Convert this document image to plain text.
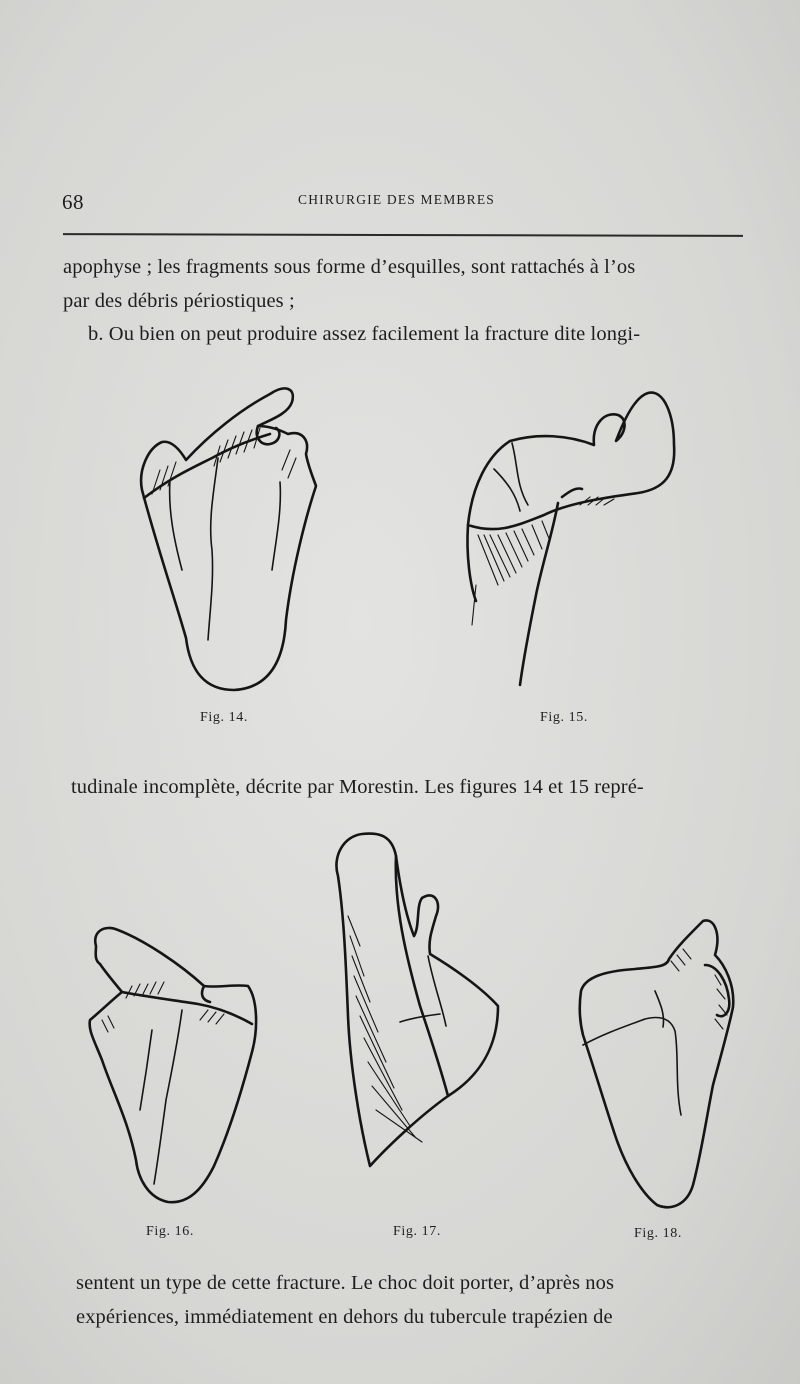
68	CHIRURGIE DES MEMBRES
apophyse ; les fragments sous forme d’esquilles, sont rattachés à l’os
par des débris périostiques ;
b. Ou bien on peut produire assez facilement la fracture dite longi-
Fig. 14.	Fig. 15.
tudinale incomplète, décrite par Morestin. Les figures 14 et 15 repré-
Fig. 16.	Fig. 17.	Fig. 18.
sentent un type de cette fracture. Le choc doit porter, d’après nos
expériences, immédiatement en dehors du tubercule trapézien de
